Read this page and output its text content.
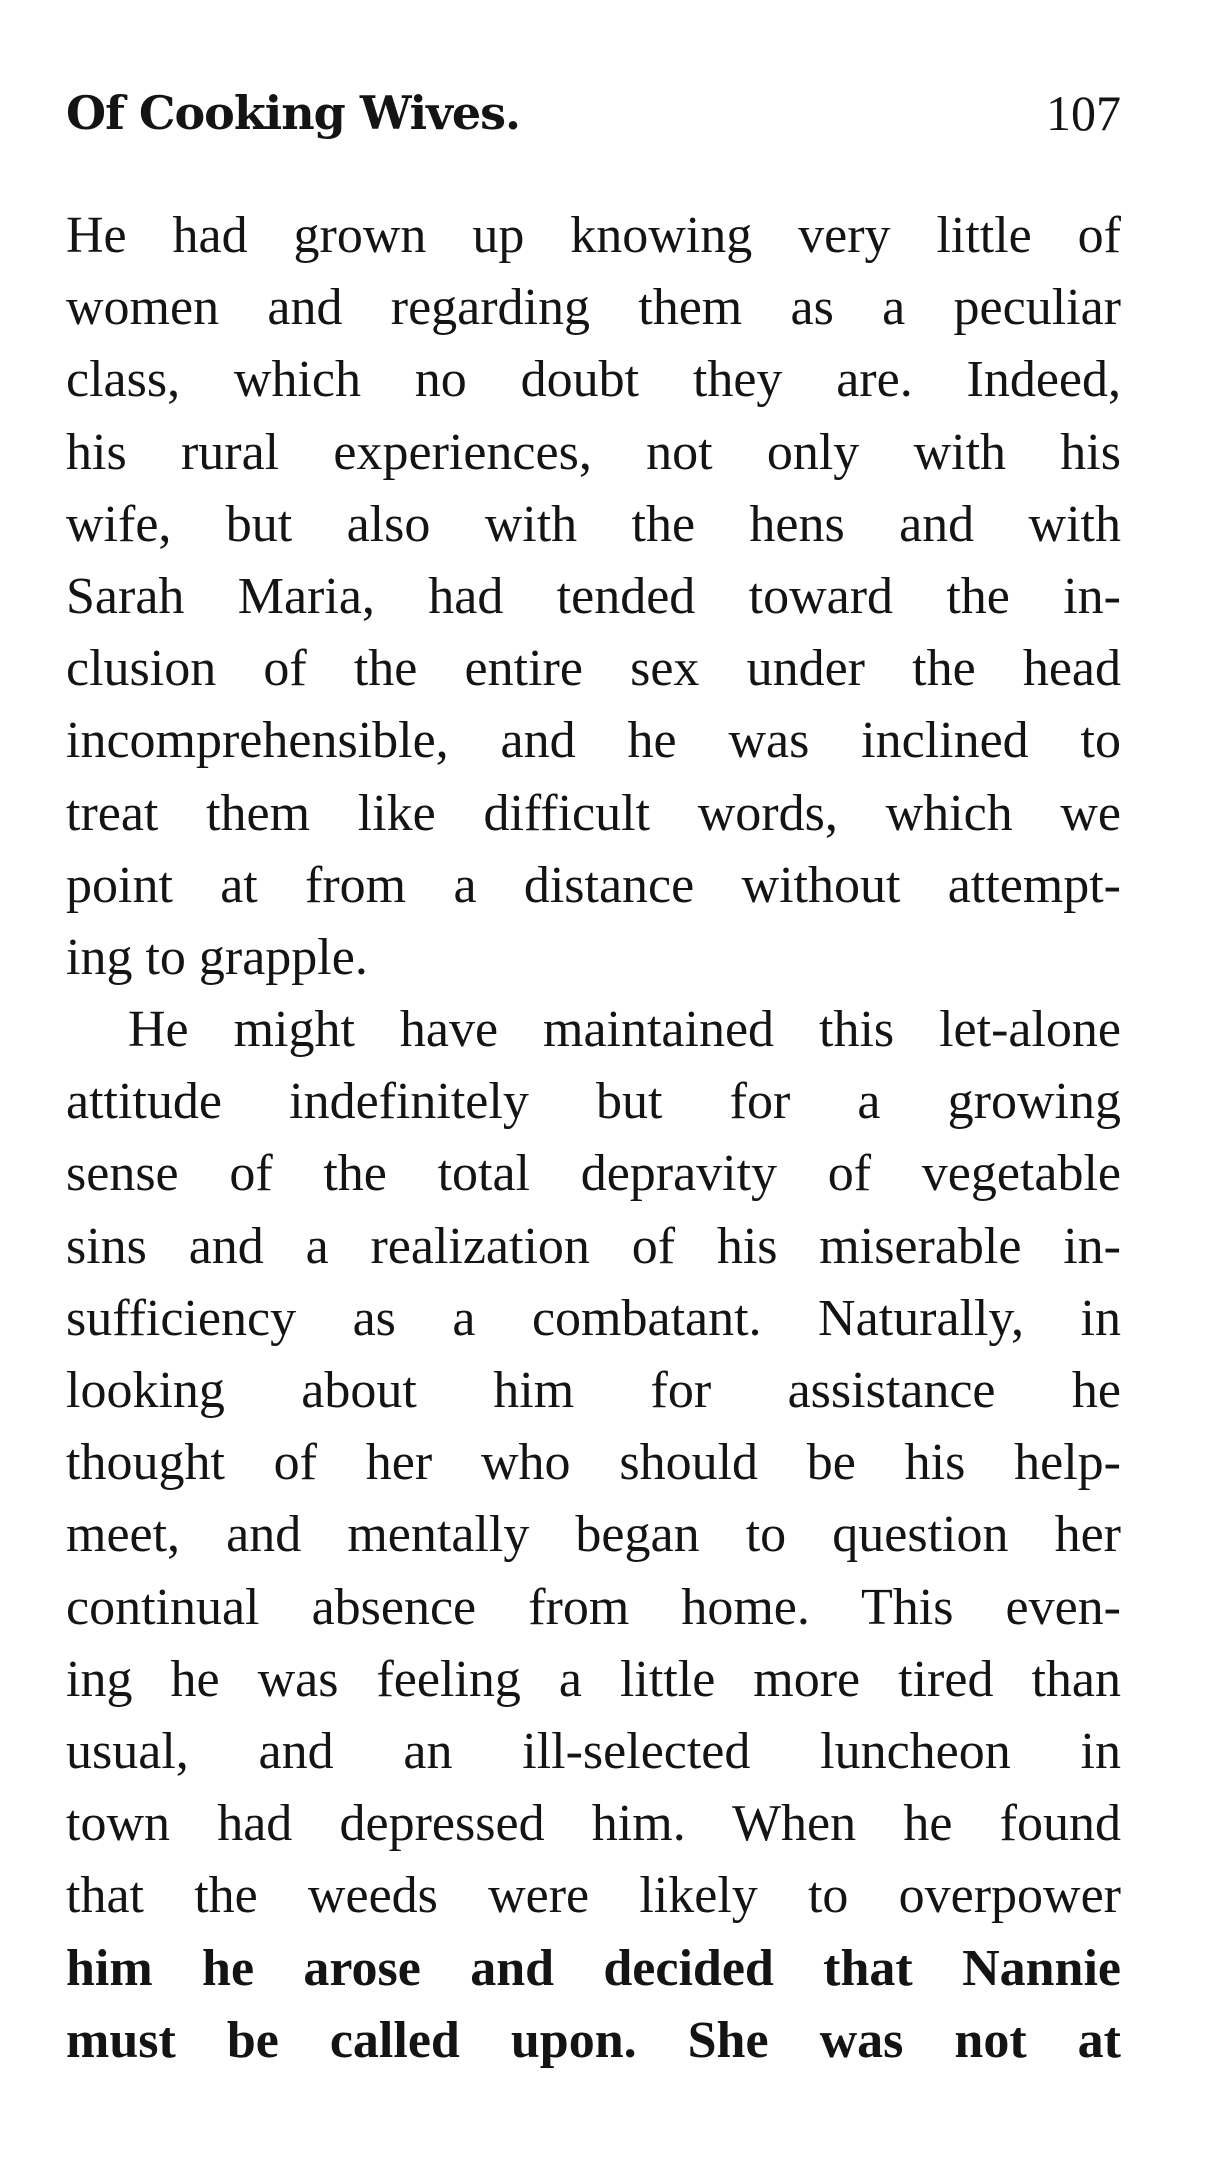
Of Cooking Wives.	107
He had grown up knowing very little of
women and regarding them as a peculiar
class, which no doubt they are. Indeed,
his rural experiences, not only with his
wife, but also with the hens and with
Sarah Maria, had tended toward the in-
clusion of the entire sex under the head
incomprehensible, and he was inclined to
treat them like difficult words, which we
point at from a distance without attempt-
ing to grapple.
He might have maintained this let-alone
attitude indefinitely but for a growing
sense of the total depravity of vegetable
sins and a realization of his miserable in-
sufficiency as a combatant. Naturally, in
looking about him for assistance he
thought of her who should be his help-
meet, and mentally began to question her
continual absence from home. This even-
ing he was feeling a little more tired than
usual, and an ill-selected luncheon in
town had depressed him. When he found
that the weeds were likely to overpower
him he arose and decided that Nannie
must be called upon. She was not at
